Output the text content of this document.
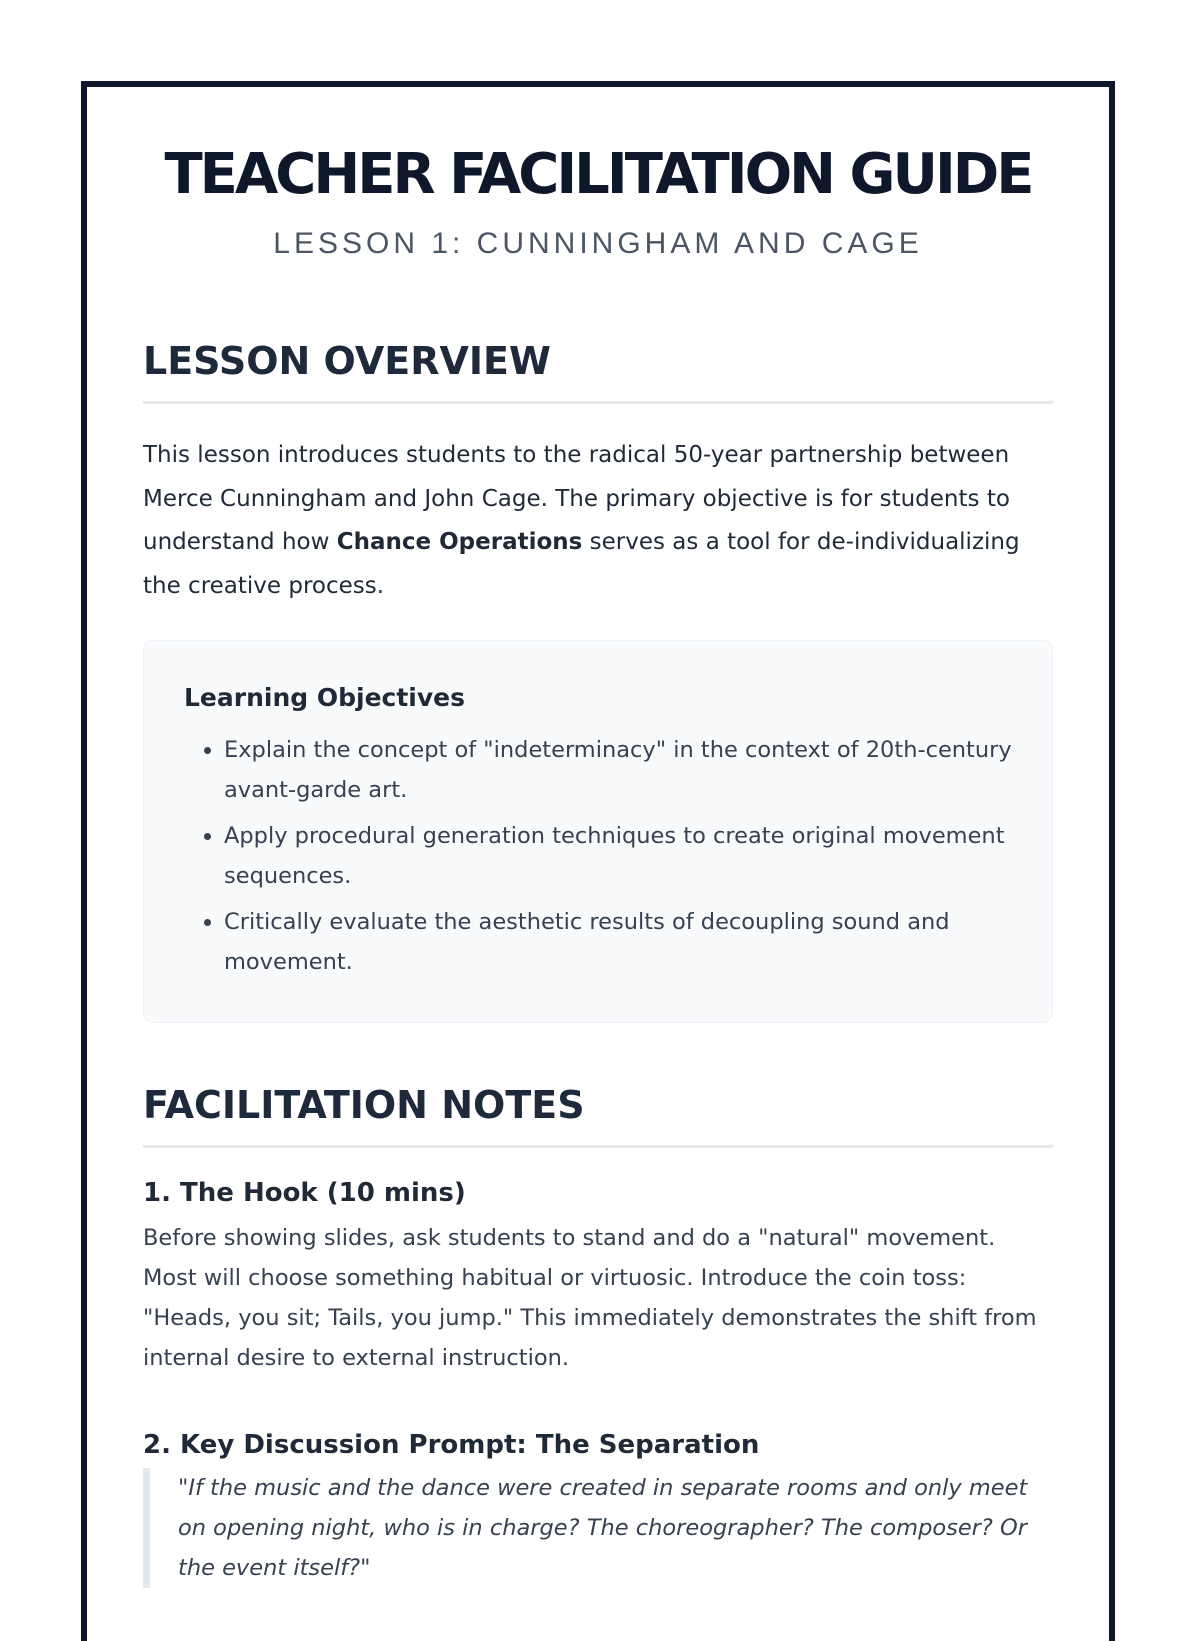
TEACHER FACILITATION GUIDE
LESSON 1: CUNNINGHAM AND CAGE
LESSON OVERVIEW

This lesson introduces students to the radical 50-year partnership between Merce Cunningham and John Cage. The primary objective is for students to understand how Chance Operations serves as a tool for de-individualizing the creative process.

Learning Objectives
• Explain the concept of "indeterminacy" in the context of 20th-century avant-garde art.
• Apply procedural generation techniques to create original movement sequences.
• Critically evaluate the aesthetic results of decoupling sound and movement.
FACILITATION NOTES
1. The Hook (10 mins)

Before showing slides, ask students to stand and do a "natural" movement. Most will choose something habitual or virtuosic. Introduce the coin toss: "Heads, you sit; Tails, you jump." This immediately demonstrates the shift from internal desire to external instruction.

2. Key Discussion Prompt: The Separation
"If the music and the dance were created in separate rooms and only meet on opening night, who is in charge? The choreographer? The composer? Or the event itself?"
